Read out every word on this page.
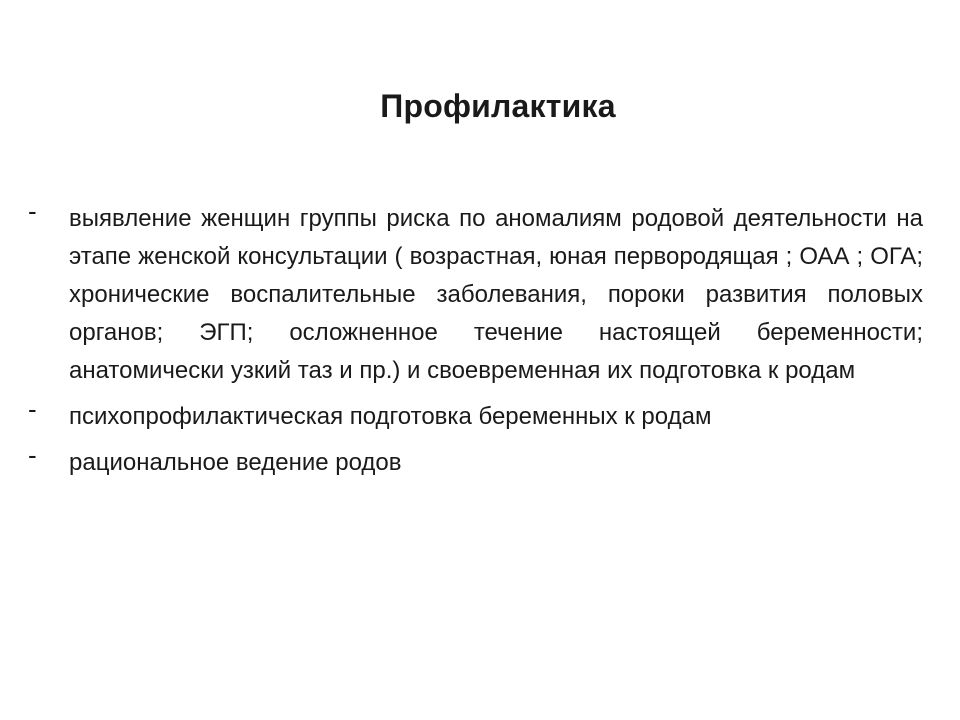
Профилактика
- выявление женщин группы риска по аномалиям родовой деятельности на этапе женской консультации ( возрастная, юная первородящая ; ОАА ; ОГА; хронические воспалительные заболевания, пороки развития половых органов; ЭГП; осложненное течение настоящей беременности; анатомически узкий таз и пр.) и своевременная их подготовка к родам
- психопрофилактическая подготовка беременных к родам
- рациональное ведение родов
